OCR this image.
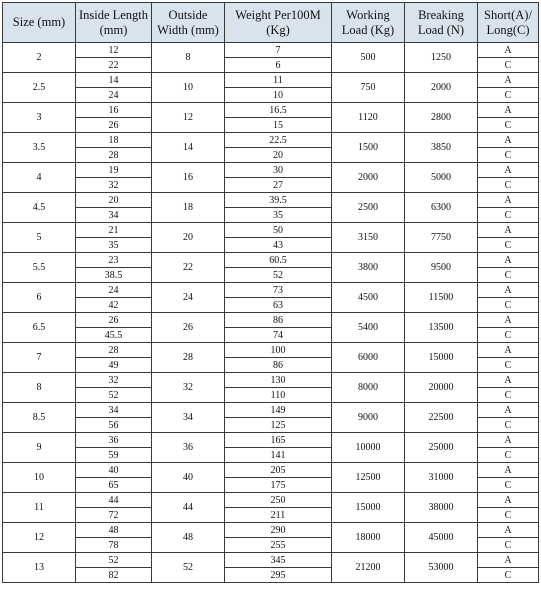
Size (mm)	Inside Length (mm)	Outside Width (mm)	Weight Per100M (Kg)	Working Load (Kg)	Breaking Load (N)	Short(A)/ Long(C)
2	12	8	7	500	1250	A
	22		6			C
2.5	14	10	11	750	2000	A
	24		10			C
3	16	12	16.5	1120	2800	A
	26		15			C
3.5	18	14	22.5	1500	3850	A
	28		20			C
4	19	16	30	2000	5000	A
	32		27			C
4.5	20	18	39.5	2500	6300	A
	34		35			C
5	21	20	50	3150	7750	A
	35		43			C
5.5	23	22	60.5	3800	9500	A
	38.5		52			C
6	24	24	73	4500	11500	A
	42		63			C
6.5	26	26	86	5400	13500	A
	45.5		74			C
7	28	28	100	6000	15000	A
	49		86			C
8	32	32	130	8000	20000	A
	52		110			C
8.5	34	34	149	9000	22500	A
	56		125			C
9	36	36	165	10000	25000	A
	59		141			C
10	40	40	205	12500	31000	A
	65		175			C
11	44	44	250	15000	38000	A
	72		211			C
12	48	48	290	18000	45000	A
	78		255			C
13	52	52	345	21200	53000	A
	82		295			C
